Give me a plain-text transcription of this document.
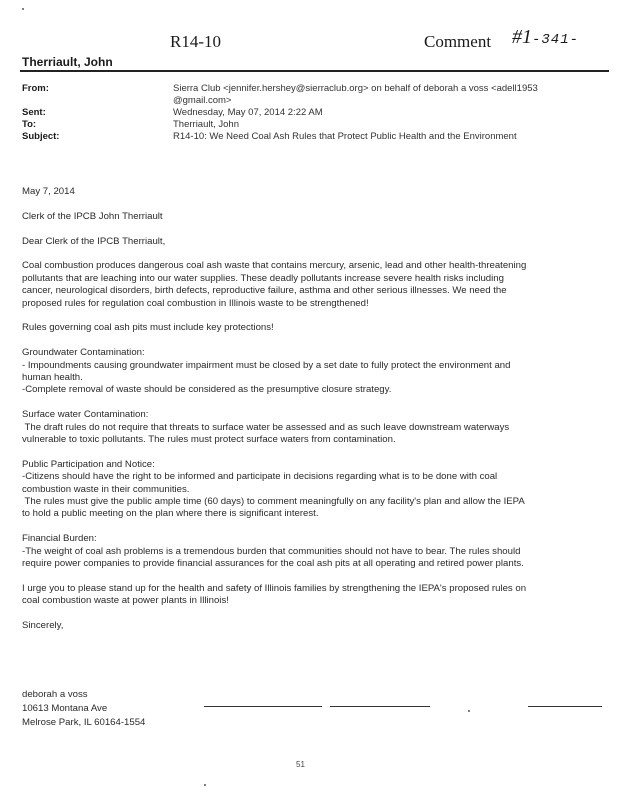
R14-10	Comment #1-341-
Therriault, John
From:	Sierra Club <jennifer.hershey@sierraclub.org> on behalf of deborah a voss <adell1953
@gmail.com>
Sent:	Wednesday, May 07, 2014 2:22 AM
To:	Therriault, John
Subject:	R14-10: We Need Coal Ash Rules that Protect Public Health and the Environment

May 7, 2014

Clerk of the IPCB John Therriault

Dear Clerk of the IPCB Therriault,

Coal combustion produces dangerous coal ash waste that contains mercury, arsenic, lead and other health-threatening
pollutants that are leaching into our water supplies. These deadly pollutants increase severe health risks including
cancer, neurological disorders, birth defects, reproductive failure, asthma and other serious illnesses. We need the
proposed rules for regulation coal combustion in Illinois waste to be strengthened!

Rules governing coal ash pits must include key protections!

Groundwater Contamination:
- Impoundments causing groundwater impairment must be closed by a set date to fully protect the environment and
human health.
-Complete removal of waste should be considered as the presumptive closure strategy.

Surface water Contamination:
The draft rules do not require that threats to surface water be assessed and as such leave downstream waterways
vulnerable to toxic pollutants. The rules must protect surface waters from contamination.

Public Participation and Notice:
-Citizens should have the right to be informed and participate in decisions regarding what is to be done with coal
combustion waste in their communities.
The rules must give the public ample time (60 days) to comment meaningfully on any facility's plan and allow the IEPA
to hold a public meeting on the plan where there is significant interest.

Financial Burden:
-The weight of coal ash problems is a tremendous burden that communities should not have to bear. The rules should
require power companies to provide financial assurances for the coal ash pits at all operating and retired power plants.

I urge you to please stand up for the health and safety of Illinois families by strengthening the IEPA's proposed rules on
coal combustion waste at power plants in Illinois!

Sincerely,

deborah a voss
10613 Montana Ave
Melrose Park, IL 60164-1554
51
